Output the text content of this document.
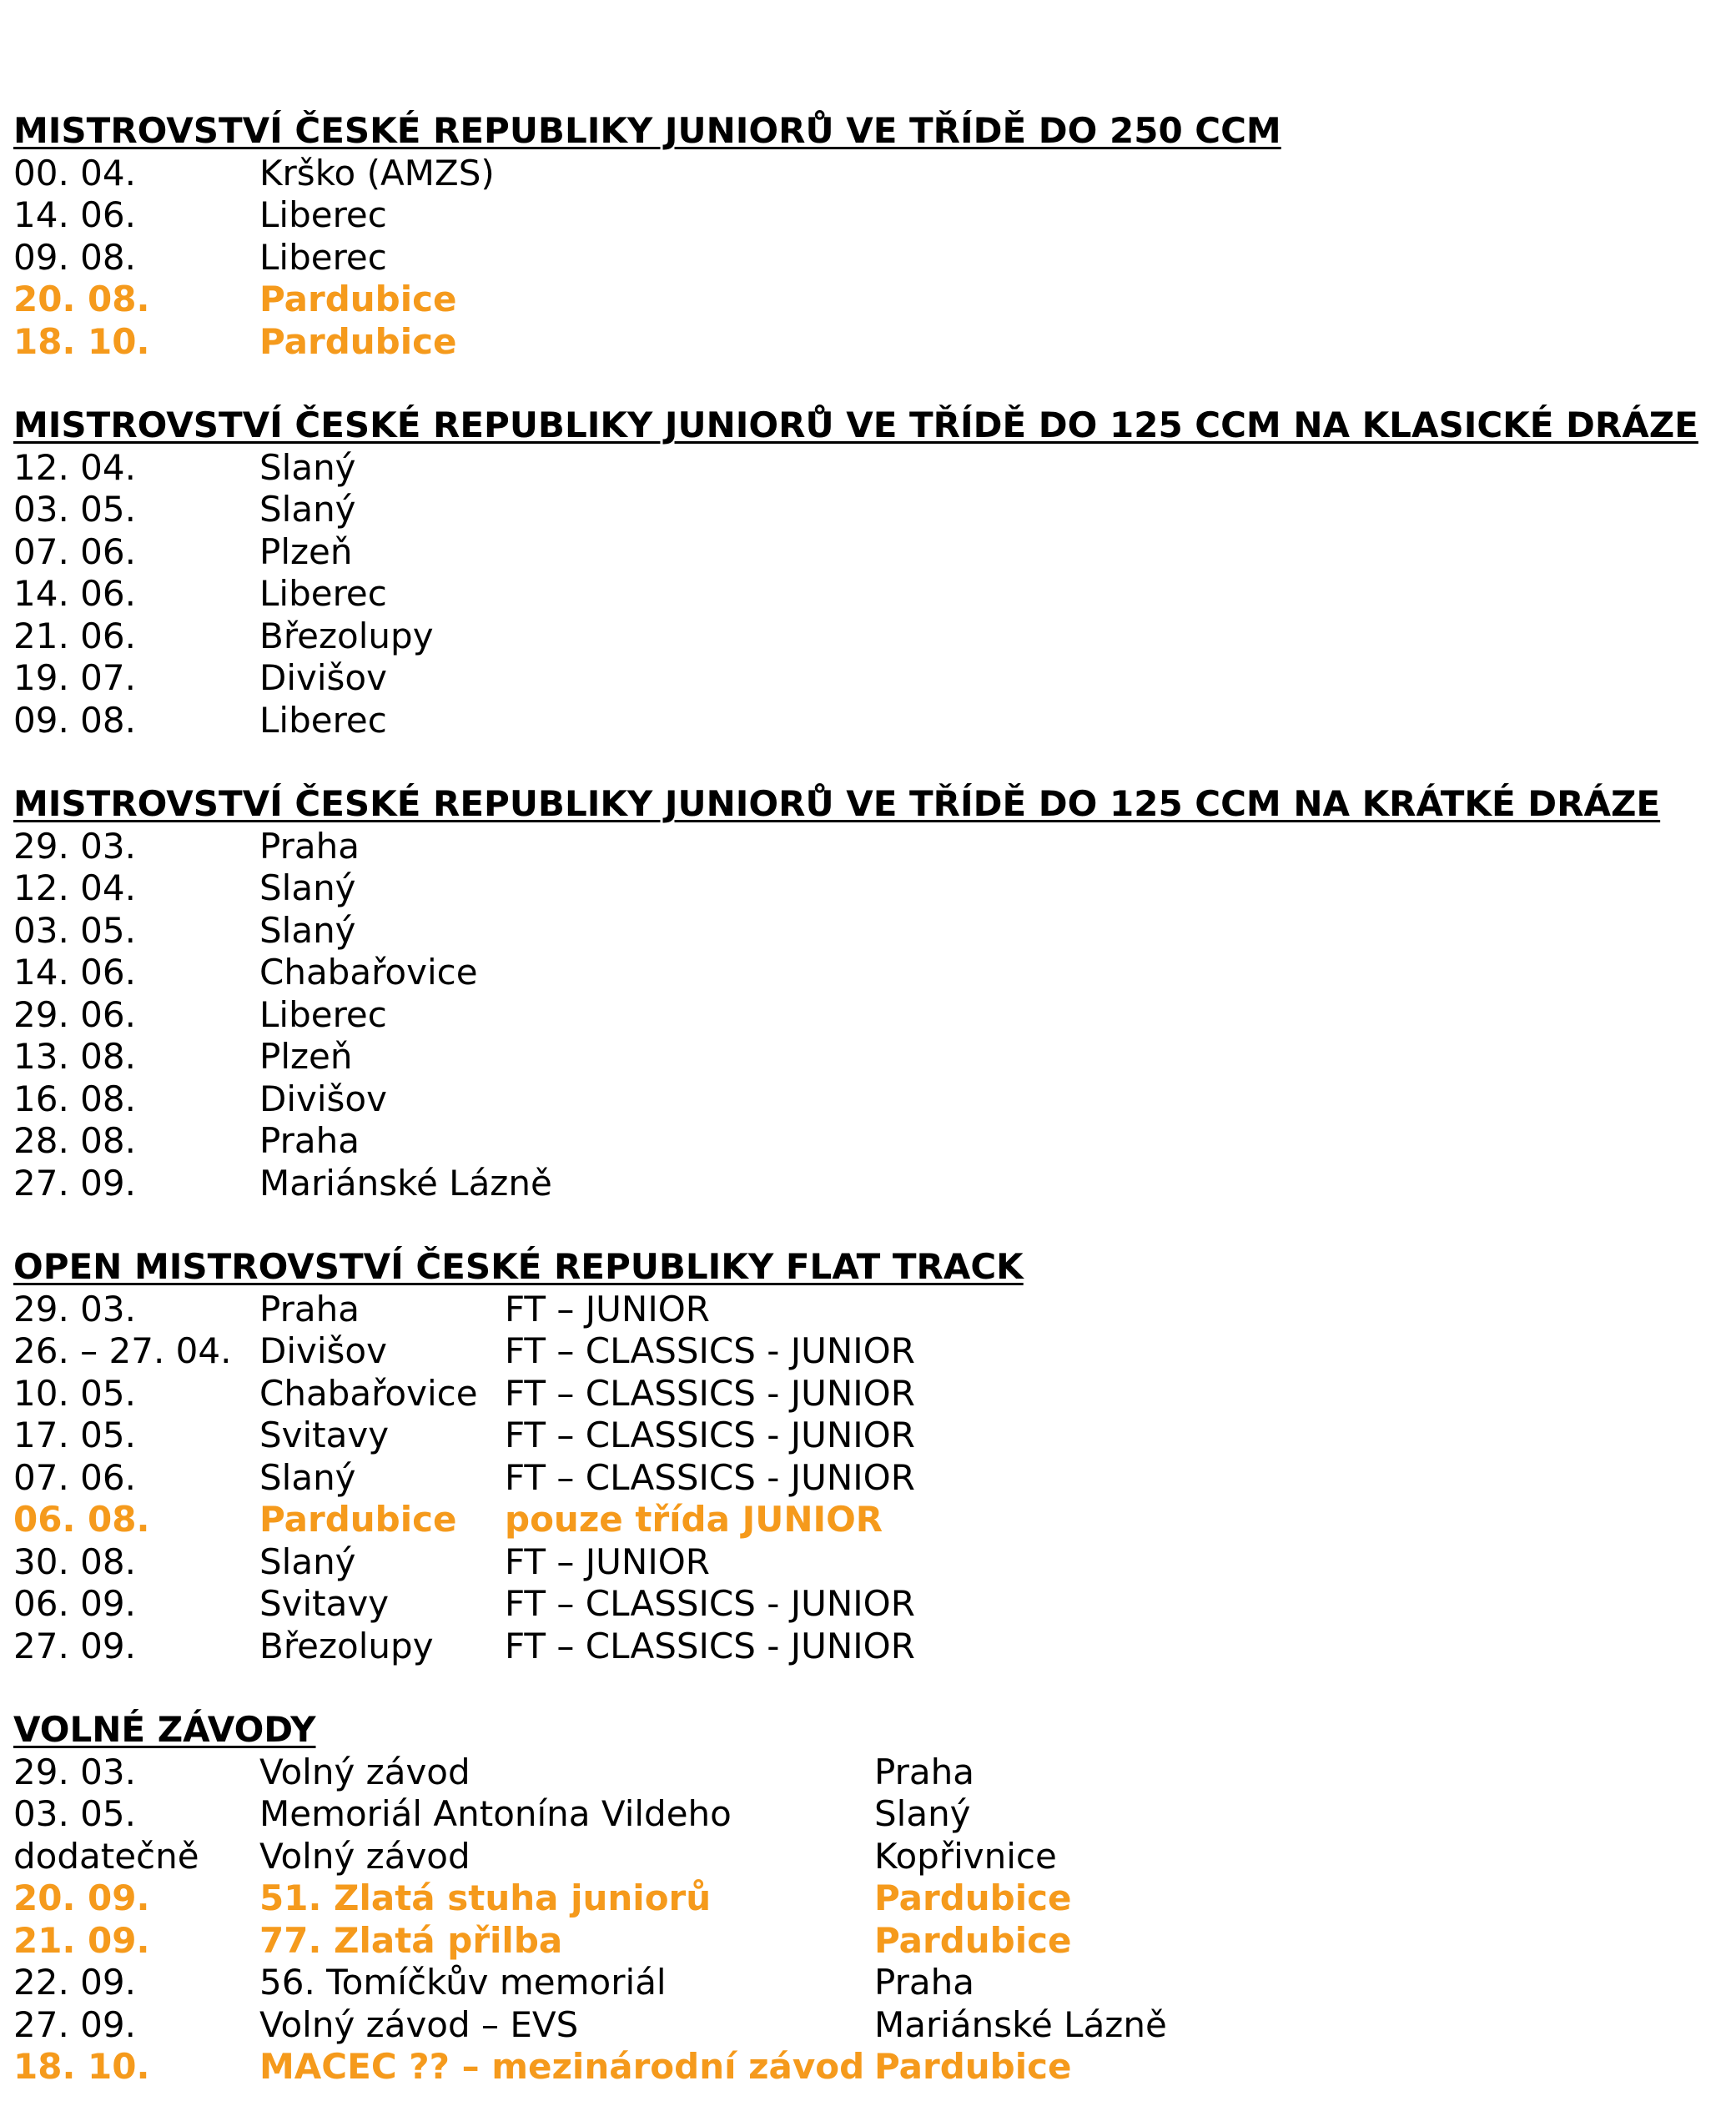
MISTROVSTVÍ ČESKÉ REPUBLIKY JUNIORŮ VE TŘÍDĚ DO 250 CCM
00. 04.	Krško (AMZS)
14. 06.	Liberec
09. 08.	Liberec
20. 08.	Pardubice
18. 10.	Pardubice
MISTROVSTVÍ ČESKÉ REPUBLIKY JUNIORŮ VE TŘÍDĚ DO 125 CCM NA KLASICKÉ DRÁZE
12. 04.	Slaný
03. 05.	Slaný
07. 06.	Plzeň
14. 06.	Liberec
21. 06.	Březolupy
19. 07.	Divišov
09. 08.	Liberec
MISTROVSTVÍ ČESKÉ REPUBLIKY JUNIORŮ VE TŘÍDĚ DO 125 CCM NA KRÁTKÉ DRÁZE
29. 03.	Praha
12. 04.	Slaný
03. 05.	Slaný
14. 06.	Chabařovice
29. 06.	Liberec
13. 08.	Plzeň
16. 08.	Divišov
28. 08.	Praha
27. 09.	Mariánské Lázně
OPEN MISTROVSTVÍ ČESKÉ REPUBLIKY FLAT TRACK
29. 03.	Praha	FT – JUNIOR
26. – 27. 04. Divišov	FT – CLASSICS - JUNIOR
10. 05.	Chabařovice FT – CLASSICS - JUNIOR
17. 05.	Svitavy	FT – CLASSICS - JUNIOR
07. 06.	Slaný	FT – CLASSICS - JUNIOR
06. 08.	Pardubice pouze třída JUNIOR
30. 08.	Slaný	FT – JUNIOR
06. 09.	Svitavy	FT – CLASSICS - JUNIOR
27. 09.	Březolupy FT – CLASSICS - JUNIOR
VOLNÉ ZÁVODY
29. 03.	Volný závod	Praha
03. 05.	Memoriál Antonína Vildeho	Slaný
dodatečně Volný závod	Kopřivnice
20. 09.	51. Zlatá stuha juniorů	Pardubice
21. 09.	77. Zlatá přilba	Pardubice
22. 09.	56. Tomíčkův memoriál	Praha
27. 09.	Volný závod – EVS	Mariánské Lázně
18. 10.	MACEC ?? – mezinárodní závod Pardubice
